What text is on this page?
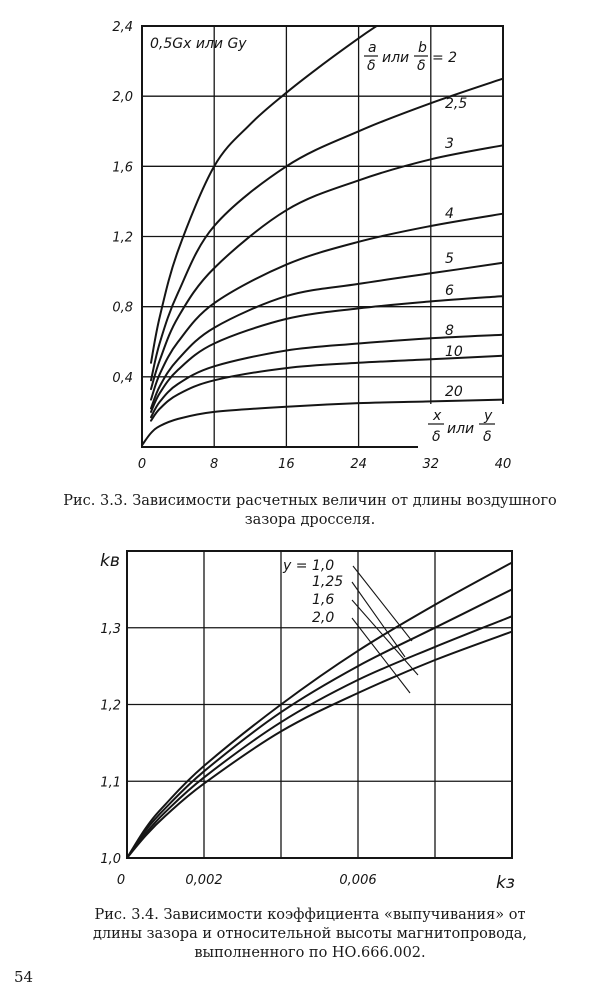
0	8	16	24	32	40
0,4
0,8
1,2
1,6
2,0
2,4
2,5
3
4
5
6
8
10
20
0,5Gx или Gy	a
δ или
b
δ = 2
x
δ или
y
δ
Рис. 3.3. Зависимости расчетных величин от длины воздушного зазора дросселя.
0	0,002	0,006
1,0
1,1
1,2
1,3
y = 1,0
1,25
1,6
2,0
kв
kз
Рис. 3.4. Зависимости коэффициента «выпучивания» от
длины зазора и относительной высоты магнитопровода,
выполненного по НО.666.002.
54
